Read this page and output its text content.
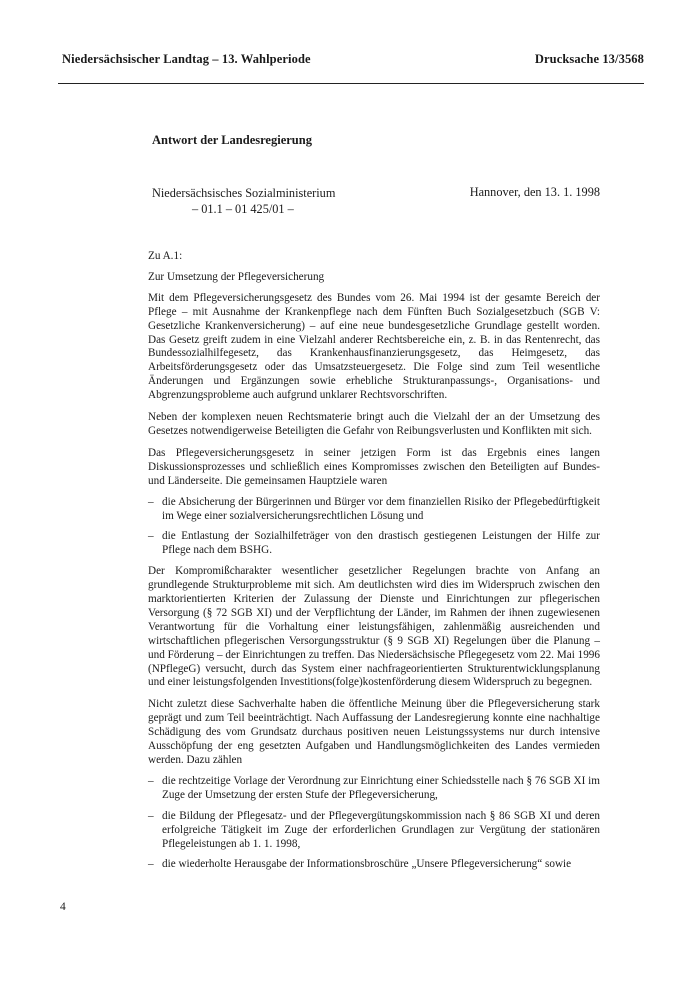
Niedersächsischer Landtag – 13. Wahlperiode	Drucksache 13/3568
Antwort der Landesregierung
Niedersächsisches Sozialministerium
– 01.1 – 01 425/01 –
Hannover, den 13. 1. 1998

Zu A.1:

Zur Umsetzung der Pflegeversicherung

Mit dem Pflegeversicherungsgesetz des Bundes vom 26. Mai 1994 ist der gesamte Bereich der Pflege – mit Ausnahme der Krankenpflege nach dem Fünften Buch Sozialgesetzbuch (SGB V: Gesetzliche Krankenversicherung) – auf eine neue bundesgesetzliche Grundlage gestellt worden. Das Gesetz greift zudem in eine Vielzahl anderer Rechtsbereiche ein, z. B. in das Rentenrecht, das Bundessozialhilfegesetz, das Krankenhausfinanzierungsgesetz, das Heimgesetz, das Arbeitsförderungsgesetz oder das Umsatzsteuergesetz. Die Folge sind zum Teil wesentliche Änderungen und Ergänzungen sowie erhebliche Strukturanpassungs-, Organisations- und Abgrenzungsprobleme auch aufgrund unklarer Rechtsvorschriften.

Neben der komplexen neuen Rechtsmaterie bringt auch die Vielzahl der an der Umsetzung des Gesetzes notwendigerweise Beteiligten die Gefahr von Reibungsverlusten und Konflikten mit sich.

Das Pflegeversicherungsgesetz in seiner jetzigen Form ist das Ergebnis eines langen Diskussionsprozesses und schließlich eines Kompromisses zwischen den Beteiligten auf Bundes- und Länderseite. Die gemeinsamen Hauptziele waren

– die Absicherung der Bürgerinnen und Bürger vor dem finanziellen Risiko der Pflegebedürftigkeit im Wege einer sozialversicherungsrechtlichen Lösung und
– die Entlastung der Sozialhilfeträger von den drastisch gestiegenen Leistungen der Hilfe zur Pflege nach dem BSHG.

Der Kompromißcharakter wesentlicher gesetzlicher Regelungen brachte von Anfang an grundlegende Strukturprobleme mit sich. Am deutlichsten wird dies im Widerspruch zwischen den marktorientierten Kriterien der Zulassung der Dienste und Einrichtungen zur pflegerischen Versorgung (§ 72 SGB XI) und der Verpflichtung der Länder, im Rahmen der ihnen zugewiesenen Verantwortung für die Vorhaltung einer leistungsfähigen, zahlenmäßig ausreichenden und wirtschaftlichen pflegerischen Versorgungsstruktur (§ 9 SGB XI) Regelungen über die Planung – und Förderung – der Einrichtungen zu treffen. Das Niedersächsische Pflegegesetz vom 22. Mai 1996 (NPflegeG) versucht, durch das System einer nachfrageorientierten Strukturentwicklungsplanung und einer leistungsfolgenden Investitions(folge)kostenförderung diesem Widerspruch zu begegnen.

Nicht zuletzt diese Sachverhalte haben die öffentliche Meinung über die Pflegeversicherung stark geprägt und zum Teil beeinträchtigt. Nach Auffassung der Landesregierung konnte eine nachhaltige Schädigung des vom Grundsatz durchaus positiven neuen Leistungssystems nur durch intensive Ausschöpfung der eng gesetzten Aufgaben und Handlungsmöglichkeiten des Landes vermieden werden. Dazu zählen

– die rechtzeitige Vorlage der Verordnung zur Einrichtung einer Schiedsstelle nach § 76 SGB XI im Zuge der Umsetzung der ersten Stufe der Pflegeversicherung,
– die Bildung der Pflegesatz- und der Pflegevergütungskommission nach § 86 SGB XI und deren erfolgreiche Tätigkeit im Zuge der erforderlichen Grundlagen zur Vergütung der stationären Pflegeleistungen ab 1. 1. 1998,
– die wiederholte Herausgabe der Informationsbroschüre „Unsere Pflegeversicherung“ sowie
4
